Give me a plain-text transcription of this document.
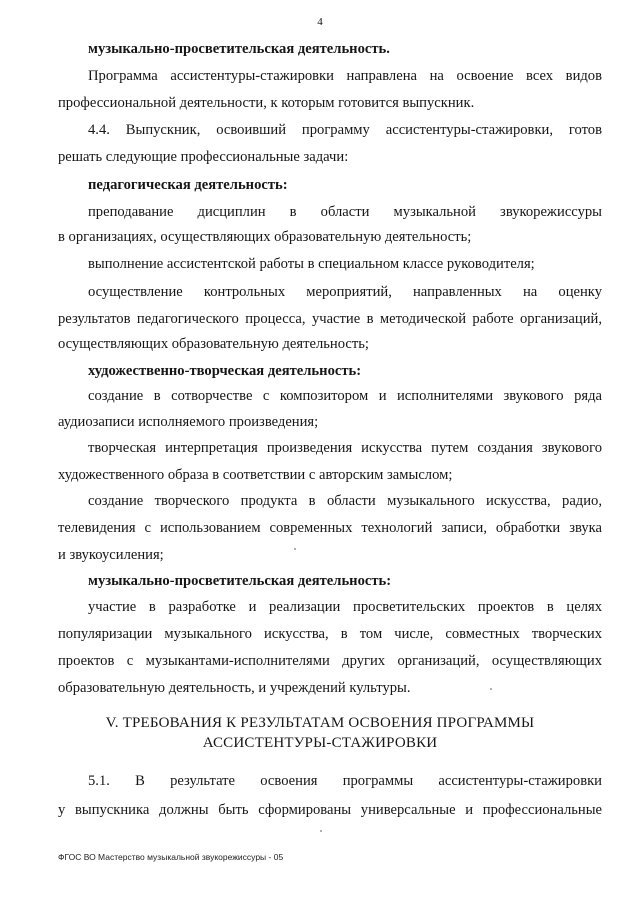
4
музыкально-просветительская деятельность.
Программа ассистентуры-стажировки направлена на освоение всех видов
профессиональной деятельности, к которым готовится выпускник.
4.4. Выпускник, освоивший программу ассистентуры-стажировки, готов
решать следующие профессиональные задачи:
педагогическая деятельность:
преподавание дисциплин в области музыкальной звукорежиссуры
в организациях, осуществляющих образовательную деятельность;
выполнение ассистентской работы в специальном классе руководителя;
осуществление контрольных мероприятий, направленных на оценку
результатов педагогического процесса, участие в методической работе организаций,
осуществляющих образовательную деятельность;
художественно-творческая деятельность:
создание в сотворчестве с композитором и исполнителями звукового ряда
аудиозаписи исполняемого произведения;
творческая интерпретация произведения искусства путем создания звукового
художественного образа в соответствии с авторским замыслом;
создание творческого продукта в области музыкального искусства, радио,
телевидения с использованием современных технологий записи, обработки звука
и звукоусиления;
музыкально-просветительская деятельность:
участие в разработке и реализации просветительских проектов в целях
популяризации музыкального искусства, в том числе, совместных творческих
проектов с музыкантами-исполнителями других организаций, осуществляющих
образовательную деятельность, и учреждений культуры.
V. ТРЕБОВАНИЯ К РЕЗУЛЬТАТАМ ОСВОЕНИЯ ПРОГРАММЫ
АССИСТЕНТУРЫ-СТАЖИРОВКИ
5.1. В результате освоения программы ассистентуры-стажировки
у выпускника должны быть сформированы универсальные и профессиональные
ФГОС ВО Мастерство музыкальной звукорежиссуры - 05
